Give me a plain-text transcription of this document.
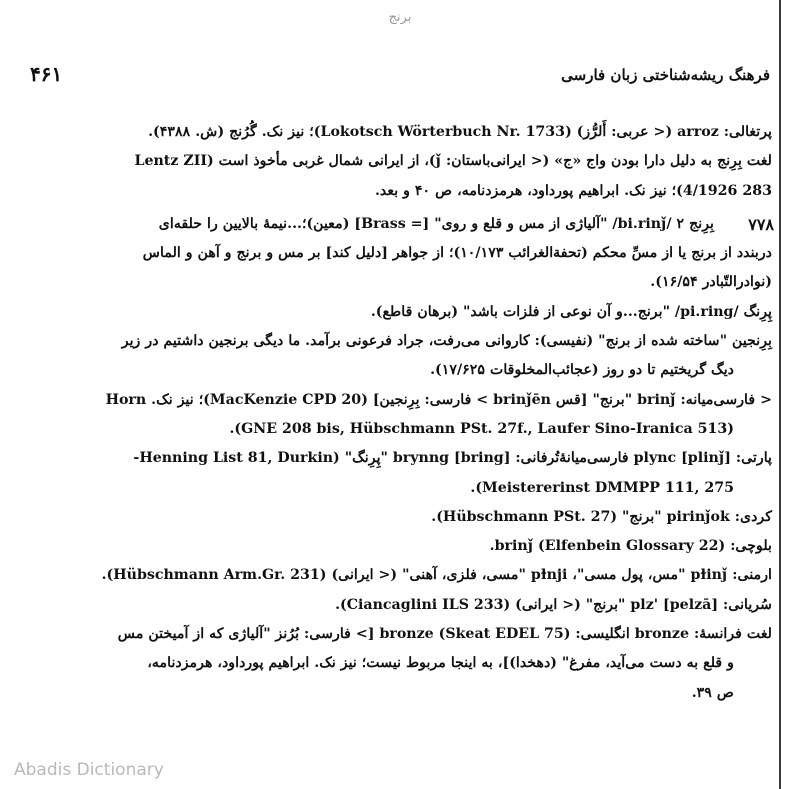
برنج
فرهنگ ریشه‌شناختی زبان فارسی
۴۶۱

پرتغالی: arroz (< عربی: أَلرُّز) (Lokotsch Wörterbuch Nr. 1733)؛ نیز نک. گُرُنج (ش. ۴۳۸۸).

لغت بِرِنج به دلیل دارا بودن واج «ج» (< ایرانی‌باستان: ǰ)، از ایرانی شمال غربی مأخوذ است (Lentz ZII

283 4/1926)؛ نیز نک. ابراهیم پورداود، هرمزدنامه، ص ۴۰ و بعد.

۷۷۸

بِرِنج ۲ /bi.rinǰ/ "آلیاژی از مس و قلع و روی" [= Brass] (معین)؛...نیمهٔ بالایین را حلقه‌ای

دربندد از برنج یا از مسِّ محکم (تحفة‌الغرائب ۱۰/۱۷۳)؛ از جواهر [دلیل کند] بر مس و برنج و آهن و الماس

(نوادرالتّبادر ۱۶/۵۴).

پِرِنگ /pi.ring/ "برنج...و آن نوعی از فلزات باشد" (برهان قاطع).

بِرِنجین "ساخته شده از برنج" (نفیسی): کاروانی می‌رفت، جراد فرعونی برآمد. ما دیگی برنجین داشتیم در زیر

دیگ گریختیم تا دو روز (عجائب‌المخلوقات ۱۷/۶۲۵).

< فارسی‌میانه: brinǰ "برنج" [قس brinǰēn > فارسی: بِرِنجین] (MacKenzie CPD 20)؛ نیز نک. Horn

(GNE 208 bis, Hübschmann PSt. 27f., Laufer Sino-Iranica 513).

پارتی: plync [plinǰ] فارسی‌میانهٔ‌تُرفانی: brynng [bring] "پِرِنگ" (Henning List 81, Durkin-

Meistererinst DMMPP 111, 275).

کردی: pirinǰok "برنج" (Hübschmann PSt. 27).

بلوچی: brinǰ (Elfenbein Glossary 22).

ارمنی: pɫinǰ "مس، پول مسی"، pɫnji "مسی، فلزی، آهنی" (< ایرانی) (Hübschmann Arm.Gr. 231).

سُریانی: plz' [pelzā] "برنج" (< ایرانی) (Ciancaglini ILS 233).

لغت فرانسهٔ: bronze انگلیسی: bronze (Skeat EDEL 75) [> فارسی: بُرُنز "آلیاژی که از آمیختن مس

و قلع به دست می‌آید، مفرغ" (دهخدا)]، به اینجا مربوط نیست؛ نیز نک. ابراهیم پورداود، هرمزدنامه،

ص ۳۹.

Abadis Dictionary
